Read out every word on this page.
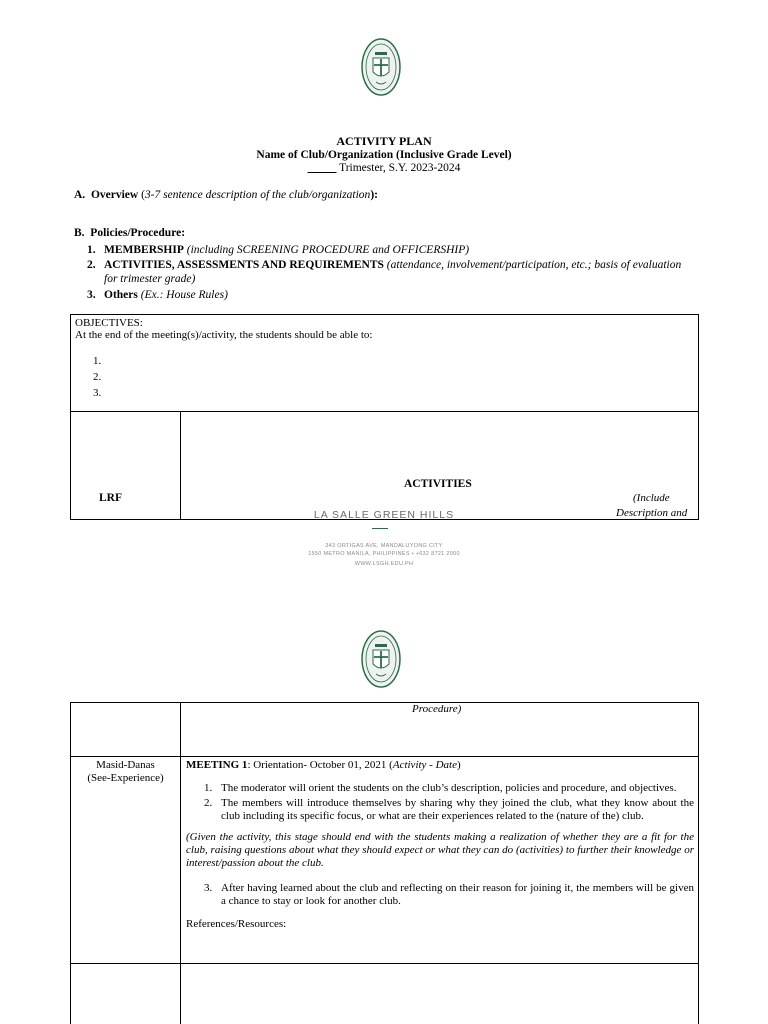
ACTIVITY PLAN
Name of Club/Organization (Inclusive Grade Level)
_____ Trimester, S.Y. 2023-2024
A. Overview (3-7 sentence description of the club/organization):
B. Policies/Procedure:
1. MEMBERSHIP (including SCREENING PROCEDURE and OFFICERSHIP)
2. ACTIVITIES, ASSESSMENTS AND REQUIREMENTS (attendance, involvement/participation, etc.; basis of evaluation
for trimester grade)
3. Others (Ex.: House Rules)
OBJECTIVES:
At the end of the meeting(s)/activity, the students should be able to:
1.
2.
3.
LRF
ACTIVITIES
(Include
Description and
LA SALLE GREEN HILLS
343 ORTIGAS AVE, MANDALUYONG CITY
1550 METRO MANILA, PHILIPPINES • +632 8721 2000
WWW.LSGH.EDU.PH
Procedure)
Masid-Danas
(See-Experience)
MEETING 1: Orientation- October 01, 2021 (Activity - Date)
1. The moderator will orient the students on the club’s description, policies and procedure, and objectives.
2. The members will introduce themselves by sharing why they joined the club, what they know about the club including its specific focus, or what are their experiences related to the (nature of the) club.
(Given the activity, this stage should end with the students making a realization of whether they are a fit for the club, raising questions about what they should expect or what they can do (activities) to further their knowledge or interest/passion about the club.
3. After having learned about the club and reflecting on their reason for joining it, the members will be given a chance to stay or look for another club.
References/Resources:
